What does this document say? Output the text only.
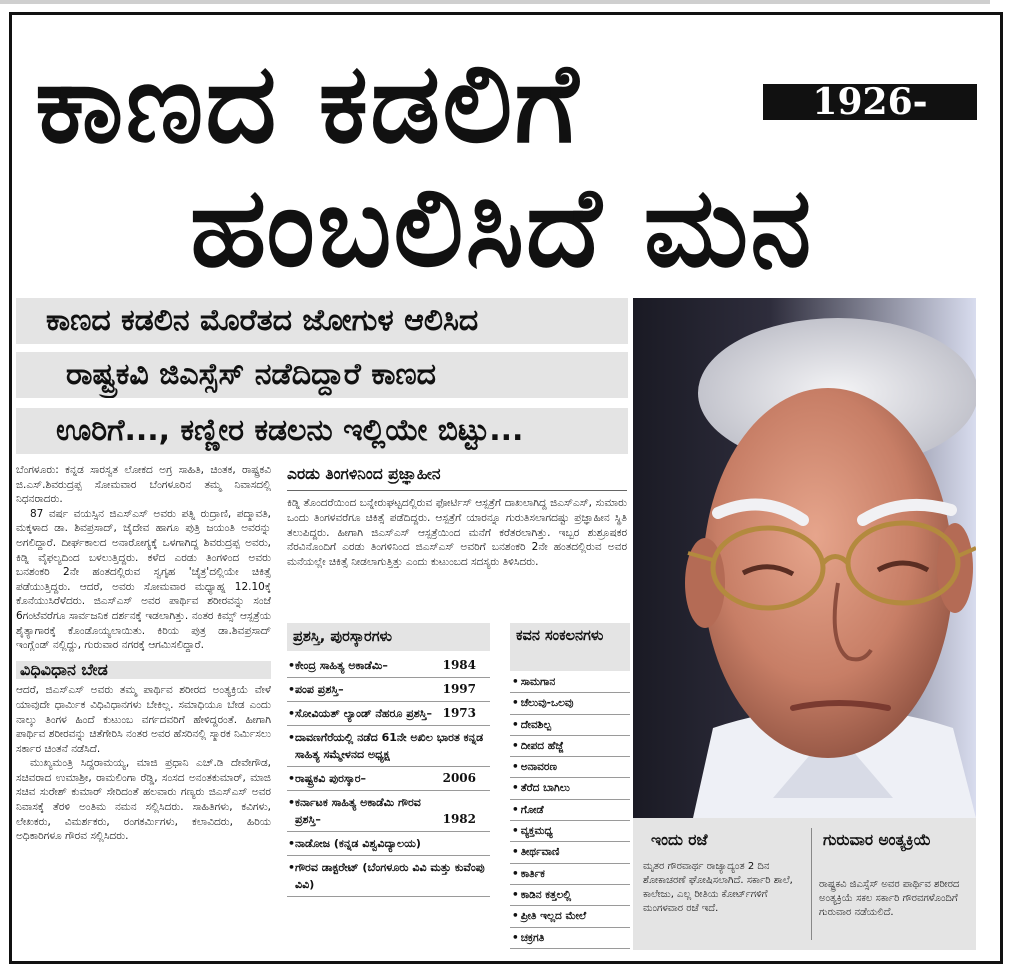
ಕಾಣದ ಕಡಲಿಗೆ
ಹಂಬಲಿಸಿದೆ ಮನ
1926-2013
ಕಾಣದ ಕಡಲಿನ ಮೊರೆತದ ಜೋಗುಳ ಆಲಿಸಿದ
ರಾಷ್ಟ್ರಕವಿ ಜಿಎಸ್ಸೆಸ್ ನಡೆದಿದ್ದಾರೆ ಕಾಣದ
ಊರಿಗೆ..., ಕಣ್ಣೀರ ಕಡಲನು ಇಲ್ಲಿಯೇ ಬಿಟ್ಟು...

ಬೆಂಗಳೂರು: ಕನ್ನಡ ಸಾರಸ್ವತ ಲೋಕದ ಅಗ್ರ ಸಾಹಿತಿ, ಚಿಂತಕ, ರಾಷ್ಟ್ರಕವಿ ಜಿ.ಎಸ್.ಶಿವರುದ್ರಪ್ಪ ಸೋಮವಾರ ಬೆಂಗಳೂರಿನ ತಮ್ಮ ನಿವಾಸದಲ್ಲಿ ನಿಧನರಾದರು.

87 ವರ್ಷ ವಯಸ್ಸಿನ ಜಿಎಸ್ಎಸ್ ಅವರು ಪತ್ನಿ ರುದ್ರಾಣಿ, ಪದ್ಮಾವತಿ, ಮಕ್ಕಳಾದ ಡಾ. ಶಿವಪ್ರಸಾದ್, ಜೈದೇವ ಹಾಗೂ ಪುತ್ರಿ ಜಯಂತಿ ಅವರನ್ನು ಅಗಲಿದ್ದಾರೆ. ದೀರ್ಘಕಾಲದ ಅನಾರೋಗ್ಯಕ್ಕೆ ಒಳಗಾಗಿದ್ದ ಶಿವರುದ್ರಪ್ಪ ಅವರು, ಕಿಡ್ನಿ ವೈಫಲ್ಯದಿಂದ ಬಳಲುತ್ತಿದ್ದರು. ಕಳೆದ ಎರಡು ತಿಂಗಳಿಂದ ಅವರು ಬನಶಂಕರಿ 2ನೇ ಹಂತದಲ್ಲಿರುವ ಸ್ವಗೃಹ 'ಚೈತ್ರ'ದಲ್ಲಿಯೇ ಚಿಕಿತ್ಸೆ ಪಡೆಯುತ್ತಿದ್ದರು. ಆದರೆ, ಅವರು ಸೋಮವಾರ ಮಧ್ಯಾಹ್ನ 12.10ಕ್ಕೆ ಕೊನೆಯುಸಿರೆಳೆದರು. ಜಿಎಸ್ಎಸ್ ಅವರ ಪಾರ್ಥಿವ ಶರೀರವನ್ನು ಸಂಜೆ 6ಗಂಟೆವರೆಗೂ ಸಾರ್ವಜನಿಕ ದರ್ಶನಕ್ಕೆ ಇಡಲಾಗಿತ್ತು. ನಂತರ ಕಿಮ್ಸ್ ಆಸ್ಪತ್ರೆಯ ಶೈತ್ಯಾಗಾರಕ್ಕೆ ಕೊಂಡೊಯ್ಯಲಾಯಿತು. ಕಿರಿಯ ಪುತ್ರ ಡಾ.ಶಿವಪ್ರಸಾದ್ ಇಂಗ್ಲೆಂಡ್ ನಲ್ಲಿದ್ದು, ಗುರುವಾರ ನಗರಕ್ಕೆ ಆಗಮಿಸಲಿದ್ದಾರೆ.

ವಿಧಿವಿಧಾನ ಬೇಡ

ಆದರೆ, ಜಿಎಸ್ಎಸ್ ಅವರು ತಮ್ಮ ಪಾರ್ಥಿವ ಶರೀರದ ಅಂತ್ಯಕ್ರಿಯೆ ವೇಳೆ ಯಾವುದೇ ಧಾರ್ಮಿಕ ವಿಧಿವಿಧಾನಗಳು ಬೇಕಿಲ್ಲ. ಸಮಾಧಿಯೂ ಬೇಡ ಎಂದು ನಾಲ್ಕು ತಿಂಗಳ ಹಿಂದೆ ಕುಟುಂಬ ವರ್ಗದವರಿಗೆ ಹೇಳಿದ್ದರಂತೆ. ಹೀಗಾಗಿ ಪಾರ್ಥಿವ ಶರೀರವನ್ನು ಚಿತೆಗೇರಿಸಿ ನಂತರ ಅವರ ಹೆಸರಿನಲ್ಲಿ ಸ್ಮಾರಕ ನಿರ್ಮಿಸಲು ಸರ್ಕಾರ ಚಿಂತನೆ ನಡೆಸಿದೆ.

ಮುಖ್ಯಮಂತ್ರಿ ಸಿದ್ದರಾಮಯ್ಯ, ಮಾಜಿ ಪ್ರಧಾನಿ ಎಚ್.ಡಿ ದೇವೇಗೌಡ, ಸಚಿವರಾದ ಉಮಾಶ್ರೀ, ರಾಮಲಿಂಗಾ ರೆಡ್ಡಿ, ಸಂಸದ ಅನಂತಕುಮಾರ್, ಮಾಜಿ ಸಚಿವ ಸುರೇಶ್ ಕುಮಾರ್ ಸೇರಿದಂತೆ ಹಲವಾರು ಗಣ್ಯರು ಜಿಎಸ್ಎಸ್ ಅವರ ನಿವಾಸಕ್ಕೆ ತೆರಳಿ ಅಂತಿಮ ನಮನ ಸಲ್ಲಿಸಿದರು. ಸಾಹಿತಿಗಳು, ಕವಿಗಳು, ಲೇಖಕರು, ವಿಮರ್ಶಕರು, ರಂಗಕರ್ಮಿಗಳು, ಕಲಾವಿದರು, ಹಿರಿಯ ಅಧಿಕಾರಿಗಳೂ ಗೌರವ ಸಲ್ಲಿಸಿದರು.

ಎರಡು ತಿಂಗಳಿನಿಂದ ಪ್ರಜ್ಞಾಹೀನ

ಕಿಡ್ನಿ ತೊಂದರೆಯಿಂದ ಬನ್ನೇರುಘಟ್ಟದಲ್ಲಿರುವ ಫೋರ್ಟಿಸ್ ಆಸ್ಪತ್ರೆಗೆ ದಾಖಲಾಗಿದ್ದ ಜಿಎಸ್ಎಸ್, ಸುಮಾರು ಒಂದು ತಿಂಗಳವರೆಗೂ ಚಿಕಿತ್ಸೆ ಪಡೆದಿದ್ದರು. ಆಸ್ಪತ್ರೆಗೆ ಯಾರನ್ನೂ ಗುರುತಿಸಲಾಗದಷ್ಟು ಪ್ರಜ್ಞಾಹೀನ ಸ್ಥಿತಿ ತಲುಪಿದ್ದರು. ಹೀಗಾಗಿ ಜಿಎಸ್ಎಸ್ ಆಸ್ಪತ್ರೆಯಿಂದ ಮನೆಗೆ ಕರೆತರಲಾಗಿತ್ತು. ಇಬ್ಬರ ಶುಶ್ರೂಷಕರ ನೆರವಿನೊಂದಿಗೆ ಎರಡು ತಿಂಗಳಿನಿಂದ ಜಿಎಸ್ಎಸ್ ಅವರಿಗೆ ಬನಶಂಕರಿ 2ನೇ ಹಂತದಲ್ಲಿರುವ ಅವರ ಮನೆಯಲ್ಲೇ ಚಿಕಿತ್ಸೆ ನೀಡಲಾಗುತ್ತಿತ್ತು ಎಂದು ಕುಟುಂಬದ ಸದಸ್ಯರು ತಿಳಿಸಿದರು.

ಪ್ರಶಸ್ತಿ, ಪುರಸ್ಕಾರಗಳು
• ಕೇಂದ್ರ ಸಾಹಿತ್ಯ ಅಕಾಡೆಮಿ–	1984
• ಪಂಪ ಪ್ರಶಸ್ತಿ–	1997
• ಸೋವಿಯತ್ ಲ್ಯಾಂಡ್ ನೆಹರೂ ಪ್ರಶಸ್ತಿ– 1973
• ದಾವಣಗೆರೆಯಲ್ಲಿ ನಡೆದ 61ನೇ ಅಖಿಲ ಭಾರತ ಕನ್ನಡ ಸಾಹಿತ್ಯ ಸಮ್ಮೇಳನದ ಅಧ್ಯಕ್ಷ
• ರಾಷ್ಟ್ರಕವಿ ಪುರಸ್ಕಾರ–	2006
• ಕರ್ನಾಟಕ ಸಾಹಿತ್ಯ ಅಕಾಡೆಮಿ ಗೌರವ ಪ್ರಶಸ್ತಿ–	1982
• ನಾಡೋಜ (ಕನ್ನಡ ವಿಶ್ವವಿದ್ಯಾಲಯ)
• ಗೌರವ ಡಾಕ್ಟರೇಟ್ (ಬೆಂಗಳೂರು ವಿವಿ ಮತ್ತು ಕುವೆಂಪು ವಿವಿ)
ಕವನ ಸಂಕಲನಗಳು
• ಸಾಮಗಾನ
• ಚೆಲುವು-ಒಲವು
• ದೇವಶಿಲ್ಪ
• ದೀಪದ ಹೆಜ್ಜೆ
• ಅನಾವರಣ
• ತೆರೆದ ಬಾಗಿಲು
• ಗೋಡೆ
• ವ್ಯಕ್ತಮಧ್ಯ
• ತೀರ್ಥವಾಣಿ
• ಕಾರ್ತಿಕ
• ಕಾಡಿನ ಕತ್ತಲಲ್ಲಿ
• ಪ್ರೀತಿ ಇಲ್ಲದ ಮೇಲೆ
• ಚಕ್ರಗತಿ
ಇಂದು ರಜೆ
ಮೃತರ ಗೌರವಾರ್ಥ ರಾಜ್ಯಾದ್ಯಂತ 2 ದಿನ ಶೋಕಾಚರಣೆ ಘೋಷಿಸಲಾಗಿದೆ. ಸರ್ಕಾರಿ ಶಾಲೆ, ಕಾಲೇಜು, ಎಲ್ಲ ರೀತಿಯ ಕೋರ್ಟ್‌ಗಳಿಗೆ ಮಂಗಳವಾರ ರಜೆ ಇದೆ.
ಗುರುವಾರ ಅಂತ್ಯಕ್ರಿಯೆ
ರಾಷ್ಟ್ರಕವಿ ಜಿಎಸ್ಸೆಸ್ ಅವರ ಪಾರ್ಥಿವ ಶರೀರದ ಅಂತ್ಯಕ್ರಿಯೆ ಸಕಲ ಸರ್ಕಾರಿ ಗೌರವಗಳೊಂದಿಗೆ ಗುರುವಾರ ನಡೆಯಲಿದೆ.
